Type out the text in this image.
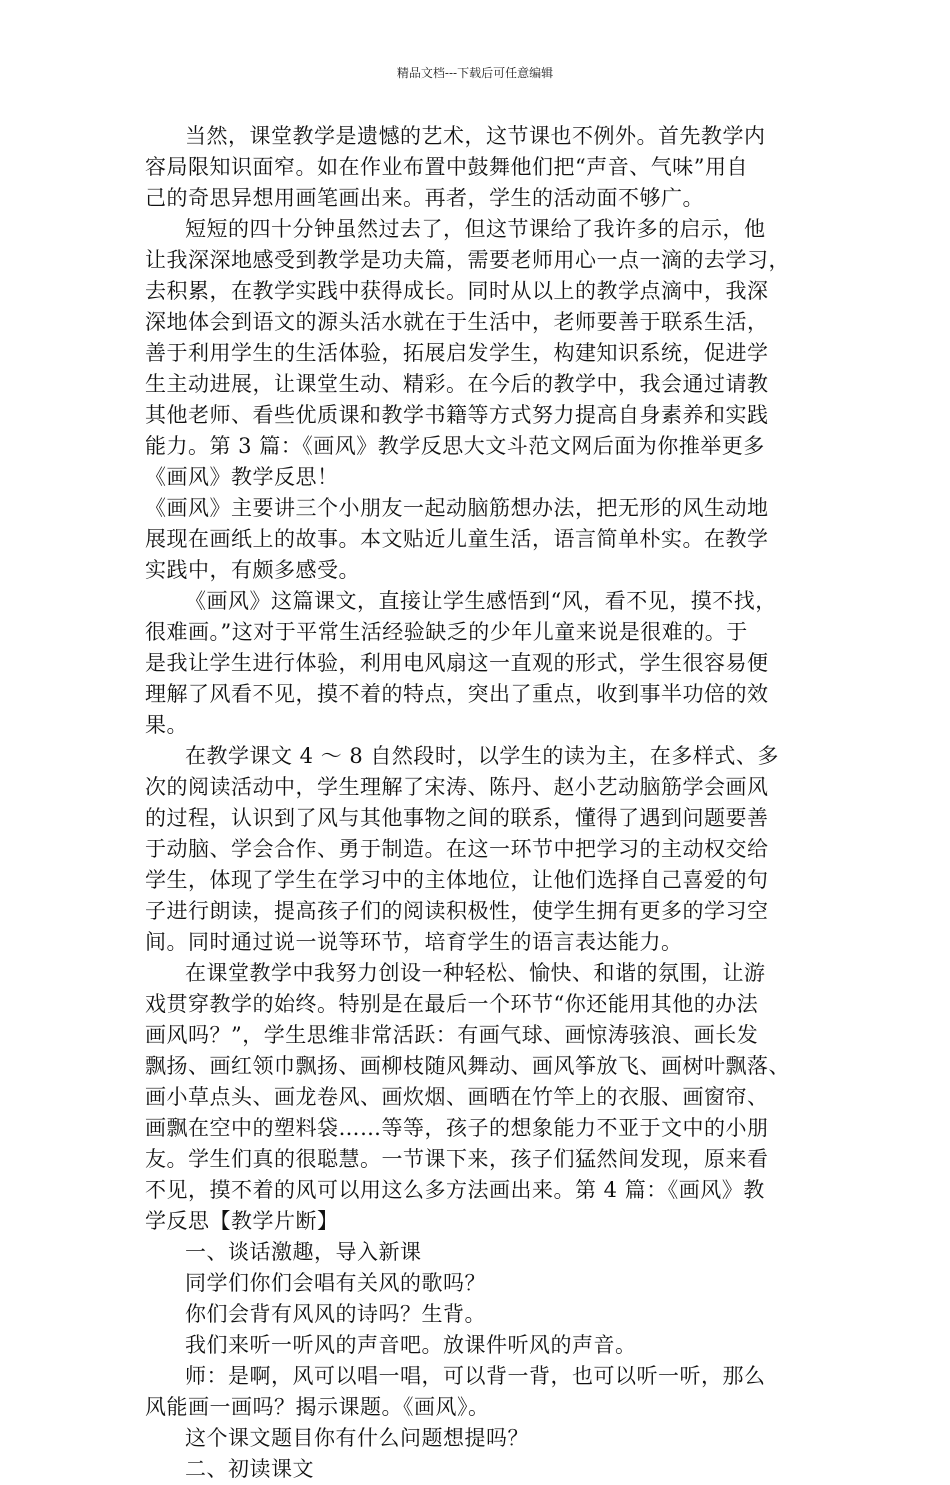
精品文档---下载后可任意编辑
当然，课堂教学是遗憾的艺术，这节课也不例外。首先教学内
容局限知识面窄。如在作业布置中鼓舞他们把“声音、气味”用自
己的奇思异想用画笔画出来。再者，学生的活动面不够广。
短短的四十分钟虽然过去了，但这节课给了我许多的启示，他
让我深深地感受到教学是功夫篇，需要老师用心一点一滴的去学习，
去积累，在教学实践中获得成长。同时从以上的教学点滴中，我深
深地体会到语文的源头活水就在于生活中，老师要善于联系生活，
善于利用学生的生活体验，拓展启发学生，构建知识系统，促进学
生主动进展，让课堂生动、精彩。在今后的教学中，我会通过请教
其他老师、看些优质课和教学书籍等方式努力提高自身素养和实践
能力。第 3 篇：《画风》教学反思大文斗范文网后面为你推举更多
《画风》教学反思！
《画风》主要讲三个小朋友一起动脑筋想办法，把无形的风生动地
展现在画纸上的故事。本文贴近儿童生活，语言简单朴实。在教学
实践中，有颇多感受。
《画风》这篇课文，直接让学生感悟到“风，看不见，摸不找，
很难画。”这对于平常生活经验缺乏的少年儿童来说是很难的。于
是我让学生进行体验，利用电风扇这一直观的形式，学生很容易便
理解了风看不见，摸不着的特点，突出了重点，收到事半功倍的效
果。
在教学课文 4 ～ 8 自然段时，以学生的读为主，在多样式、多
次的阅读活动中，学生理解了宋涛、陈丹、赵小艺动脑筋学会画风
的过程，认识到了风与其他事物之间的联系，懂得了遇到问题要善
于动脑、学会合作、勇于制造。在这一环节中把学习的主动权交给
学生，体现了学生在学习中的主体地位，让他们选择自己喜爱的句
子进行朗读，提高孩子们的阅读积极性，使学生拥有更多的学习空
间。同时通过说一说等环节，培育学生的语言表达能力。
在课堂教学中我努力创设一种轻松、愉快、和谐的氛围，让游
戏贯穿教学的始终。特别是在最后一个环节“你还能用其他的办法
画风吗？”，学生思维非常活跃：有画气球、画惊涛骇浪、画长发
飘扬、画红领巾飘扬、画柳枝随风舞动、画风筝放飞、画树叶飘落、
画小草点头、画龙卷风、画炊烟、画晒在竹竿上的衣服、画窗帘、
画飘在空中的塑料袋……等等，孩子的想象能力不亚于文中的小朋
友。学生们真的很聪慧。一节课下来，孩子们猛然间发现，原来看
不见，摸不着的风可以用这么多方法画出来。第 4 篇：《画风》教
学反思【教学片断】
一、谈话激趣，导入新课
同学们你们会唱有关风的歌吗？
你们会背有风风的诗吗？生背。
我们来听一听风的声音吧。放课件听风的声音。
师：是啊，风可以唱一唱，可以背一背，也可以听一听，那么
风能画一画吗？揭示课题。《画风》。
这个课文题目你有什么问题想提吗？
二、初读课文
